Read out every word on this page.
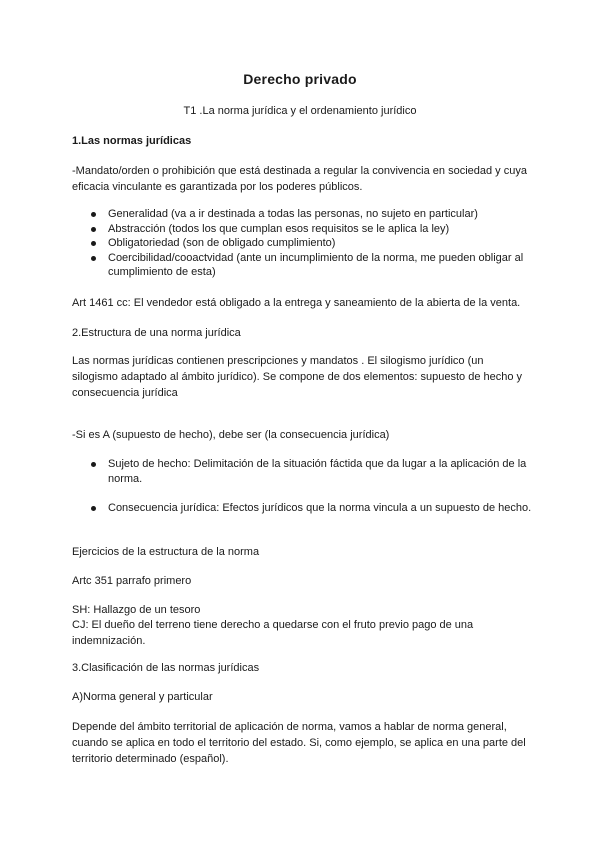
Derecho privado
T1 .La norma jurídica y el ordenamiento jurídico
1.Las normas jurídicas
-Mandato/orden o prohibición que está destinada a regular la convivencia en sociedad y cuya eficacia vinculante es garantizada por los poderes públicos.
Generalidad (va a ir destinada a todas las personas, no sujeto en particular)
Abstracción (todos los que cumplan esos requisitos se le aplica la ley)
Obligatoriedad (son de obligado cumplimiento)
Coercibilidad/cooactvidad (ante un incumplimiento de la norma, me pueden obligar al cumplimiento de esta)
Art 1461 cc: El vendedor está obligado a la entrega y saneamiento de la abierta de la venta.
2.Estructura de una norma jurídica
Las normas jurídicas contienen prescripciones y mandatos . El silogismo jurídico (un silogismo adaptado al ámbito jurídico). Se compone de dos elementos: supuesto de hecho y consecuencia jurídica
-Si es A (supuesto de hecho), debe ser (la consecuencia jurídica)
Sujeto de hecho: Delimitación de la situación fáctida que da lugar a la aplicación de la norma.
Consecuencia jurídica: Efectos jurídicos que la norma vincula a un supuesto de hecho.
Ejercicios de la estructura de la norma
Artc 351 parrafo primero
SH: Hallazgo de un tesoro
CJ: El dueño del terreno tiene derecho a quedarse con el fruto previo pago de una indemnización.
3.Clasificación de las normas jurídicas
A)Norma general y particular
Depende del ámbito territorial de aplicación de norma, vamos a hablar de norma general, cuando se aplica en todo el territorio del estado. Si, como ejemplo, se aplica en una parte del territorio determinado (español).
